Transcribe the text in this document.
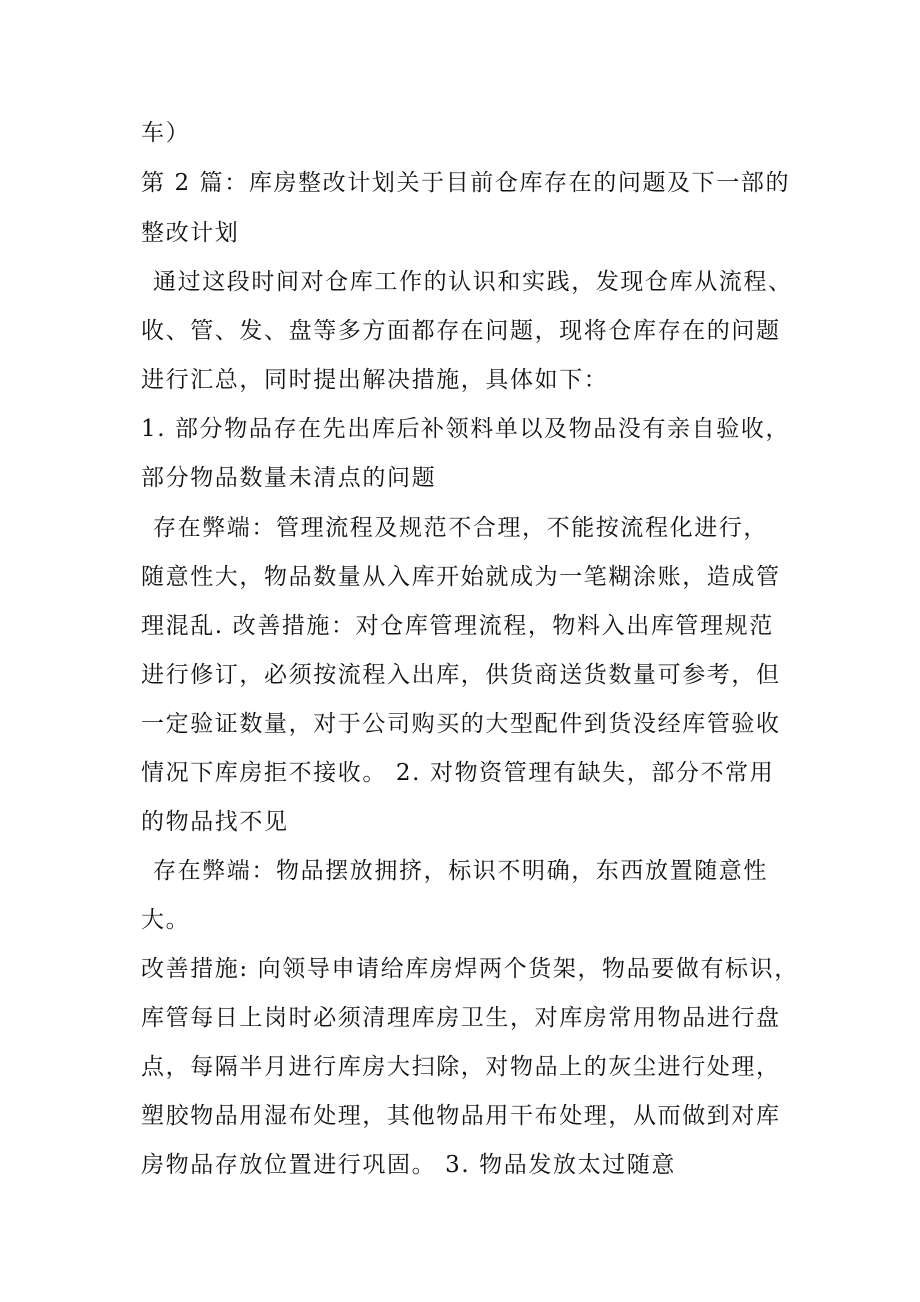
车）
第 2 篇：库房整改计划关于目前仓库存在的问题及下一部的
整改计划
通过这段时间对仓库工作的认识和实践，发现仓库从流程、
收、管、发、盘等多方面都存在问题，现将仓库存在的问题
进行汇总，同时提出解决措施，具体如下：
1. 部分物品存在先出库后补领料单以及物品没有亲自验收，
部分物品数量未清点的问题
存在弊端：管理流程及规范不合理，不能按流程化进行，
随意性大，物品数量从入库开始就成为一笔糊涂账，造成管
理混乱. 改善措施：对仓库管理流程，物料入出库管理规范
进行修订，必须按流程入出库，供货商送货数量可参考，但
一定验证数量，对于公司购买的大型配件到货没经库管验收
情况下库房拒不接收。 2. 对物资管理有缺失，部分不常用
的物品找不见
存在弊端：物品摆放拥挤，标识不明确，东西放置随意性
大。
改善措施: 向领导申请给库房焊两个货架，物品要做有标识，
库管每日上岗时必须清理库房卫生，对库房常用物品进行盘
点，每隔半月进行库房大扫除，对物品上的灰尘进行处理，
塑胶物品用湿布处理，其他物品用干布处理，从而做到对库
房物品存放位置进行巩固。 3. 物品发放太过随意
